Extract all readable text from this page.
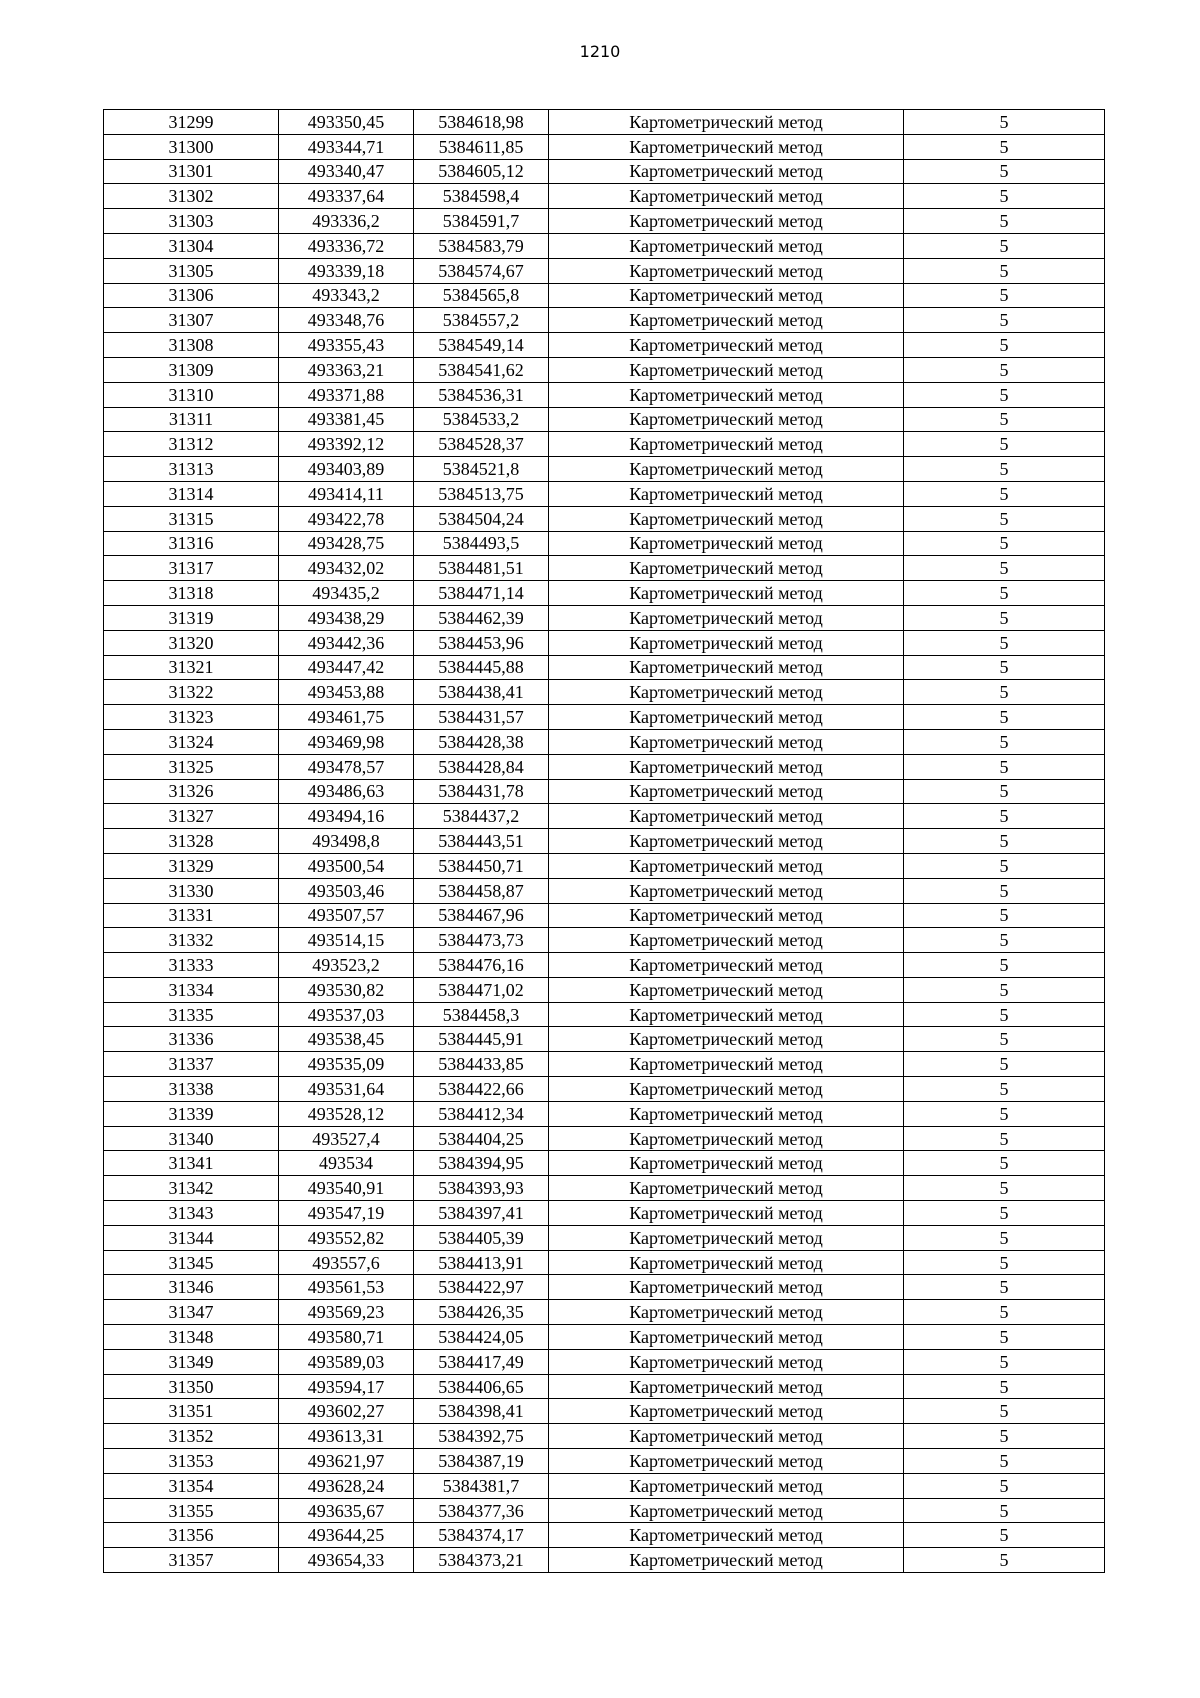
1210
31299	493350,45	5384618,98	Картометрический метод	5
31300	493344,71	5384611,85	Картометрический метод	5
31301	493340,47	5384605,12	Картометрический метод	5
31302	493337,64	5384598,4	Картометрический метод	5
31303	493336,2	5384591,7	Картометрический метод	5
31304	493336,72	5384583,79	Картометрический метод	5
31305	493339,18	5384574,67	Картометрический метод	5
31306	493343,2	5384565,8	Картометрический метод	5
31307	493348,76	5384557,2	Картометрический метод	5
31308	493355,43	5384549,14	Картометрический метод	5
31309	493363,21	5384541,62	Картометрический метод	5
31310	493371,88	5384536,31	Картометрический метод	5
31311	493381,45	5384533,2	Картометрический метод	5
31312	493392,12	5384528,37	Картометрический метод	5
31313	493403,89	5384521,8	Картометрический метод	5
31314	493414,11	5384513,75	Картометрический метод	5
31315	493422,78	5384504,24	Картометрический метод	5
31316	493428,75	5384493,5	Картометрический метод	5
31317	493432,02	5384481,51	Картометрический метод	5
31318	493435,2	5384471,14	Картометрический метод	5
31319	493438,29	5384462,39	Картометрический метод	5
31320	493442,36	5384453,96	Картометрический метод	5
31321	493447,42	5384445,88	Картометрический метод	5
31322	493453,88	5384438,41	Картометрический метод	5
31323	493461,75	5384431,57	Картометрический метод	5
31324	493469,98	5384428,38	Картометрический метод	5
31325	493478,57	5384428,84	Картометрический метод	5
31326	493486,63	5384431,78	Картометрический метод	5
31327	493494,16	5384437,2	Картометрический метод	5
31328	493498,8	5384443,51	Картометрический метод	5
31329	493500,54	5384450,71	Картометрический метод	5
31330	493503,46	5384458,87	Картометрический метод	5
31331	493507,57	5384467,96	Картометрический метод	5
31332	493514,15	5384473,73	Картометрический метод	5
31333	493523,2	5384476,16	Картометрический метод	5
31334	493530,82	5384471,02	Картометрический метод	5
31335	493537,03	5384458,3	Картометрический метод	5
31336	493538,45	5384445,91	Картометрический метод	5
31337	493535,09	5384433,85	Картометрический метод	5
31338	493531,64	5384422,66	Картометрический метод	5
31339	493528,12	5384412,34	Картометрический метод	5
31340	493527,4	5384404,25	Картометрический метод	5
31341	493534	5384394,95	Картометрический метод	5
31342	493540,91	5384393,93	Картометрический метод	5
31343	493547,19	5384397,41	Картометрический метод	5
31344	493552,82	5384405,39	Картометрический метод	5
31345	493557,6	5384413,91	Картометрический метод	5
31346	493561,53	5384422,97	Картометрический метод	5
31347	493569,23	5384426,35	Картометрический метод	5
31348	493580,71	5384424,05	Картометрический метод	5
31349	493589,03	5384417,49	Картометрический метод	5
31350	493594,17	5384406,65	Картометрический метод	5
31351	493602,27	5384398,41	Картометрический метод	5
31352	493613,31	5384392,75	Картометрический метод	5
31353	493621,97	5384387,19	Картометрический метод	5
31354	493628,24	5384381,7	Картометрический метод	5
31355	493635,67	5384377,36	Картометрический метод	5
31356	493644,25	5384374,17	Картометрический метод	5
31357	493654,33	5384373,21	Картометрический метод	5
